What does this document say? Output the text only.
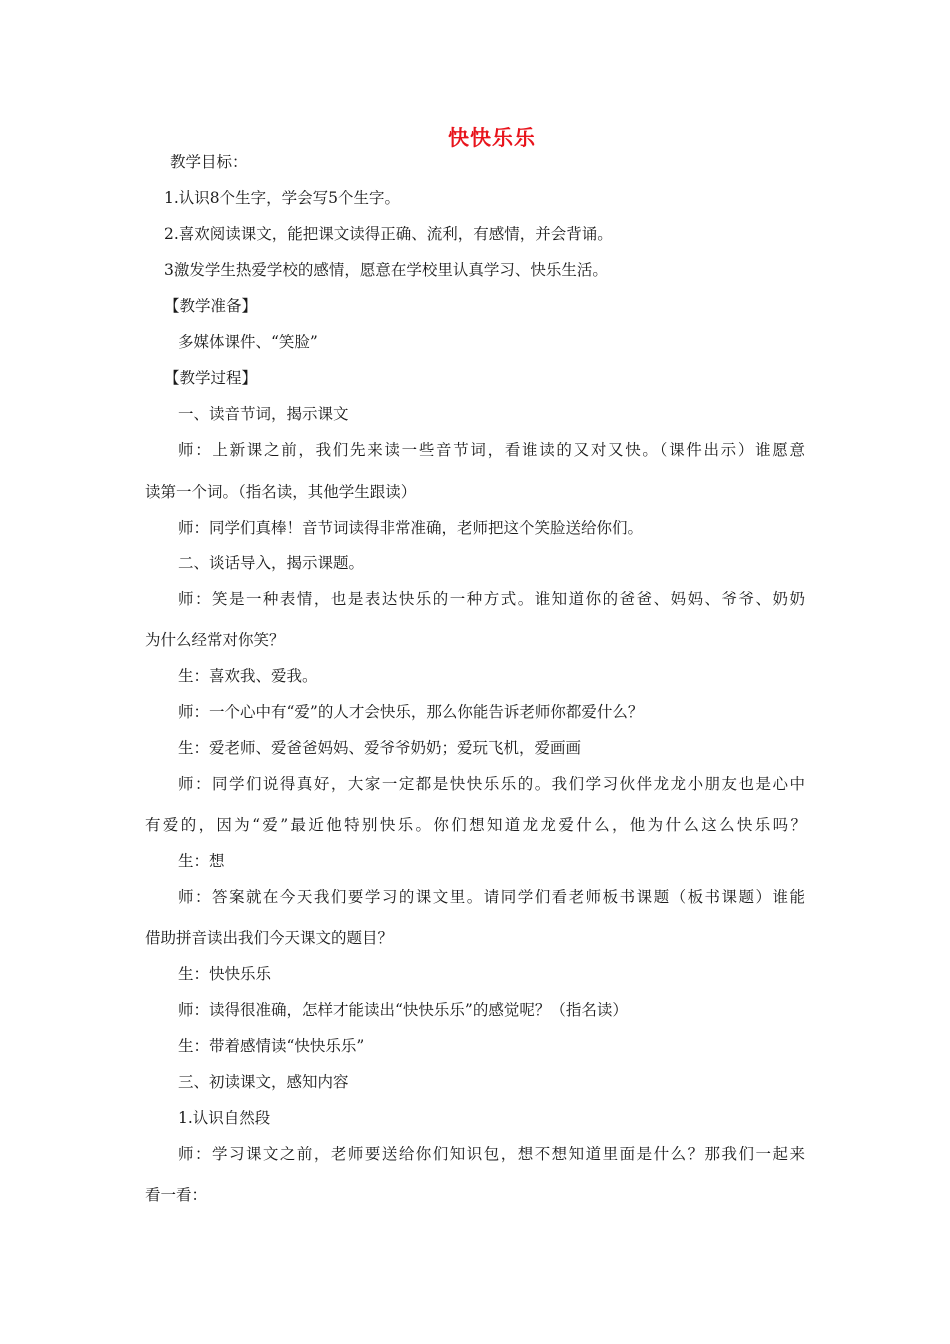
快快乐乐
教学目标：
1.认识8个生字，学会写5个生字。
2.喜欢阅读课文，能把课文读得正确、流利，有感情，并会背诵。
3激发学生热爱学校的感情，愿意在学校里认真学习、快乐生活。
【教学准备】
多媒体课件、“笑脸”
【教学过程】
一、读音节词，揭示课文
师：上新课之前，我们先来读一些音节词，看谁读的又对又快。（课件出示）谁愿意
读第一个词。（指名读，其他学生跟读）
师：同学们真棒！音节词读得非常准确，老师把这个笑脸送给你们。
二、谈话导入，揭示课题。
师：笑是一种表情，也是表达快乐的一种方式。谁知道你的爸爸、妈妈、爷爷、奶奶
为什么经常对你笑？
生：喜欢我、爱我。
师：一个心中有“爱”的人才会快乐，那么你能告诉老师你都爱什么？
生：爱老师、爱爸爸妈妈、爱爷爷奶奶；爱玩飞机，爱画画
师：同学们说得真好，大家一定都是快快乐乐的。我们学习伙伴龙龙小朋友也是心中
有爱的，因为“爱”最近他特别快乐。你们想知道龙龙爱什么，他为什么这么快乐吗？
生：想
师：答案就在今天我们要学习的课文里。请同学们看老师板书课题（板书课题）谁能
借助拼音读出我们今天课文的题目？
生：快快乐乐
师：读得很准确，怎样才能读出“快快乐乐”的感觉呢？（指名读）
生：带着感情读“快快乐乐”
三、初读课文，感知内容
1.认识自然段
师：学习课文之前，老师要送给你们知识包，想不想知道里面是什么？那我们一起来
看一看：
